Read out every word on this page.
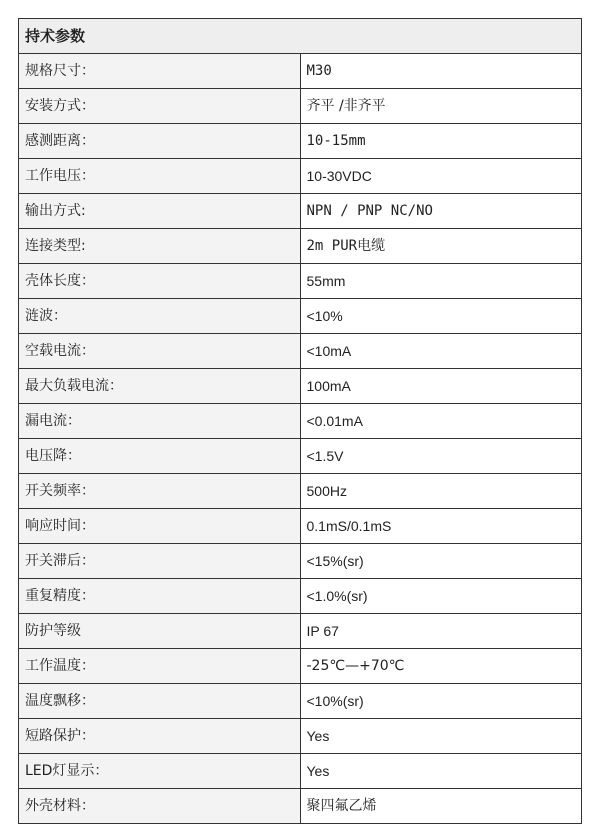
持术参数	
规格尺寸：	M30
安装方式：	齐平 /非齐平
感测距离：	10-15mm
工作电压：	10-30VDC
输出方式:	NPN / PNP NC/NO
连接类型:	2m PUR电缆
壳体长度：	55mm
涟波：	<10%
空载电流：	<10mA
最大负载电流：	100mA
漏电流：	<0.01mA
电压降：	<1.5V
开关频率：	500Hz
响应时间：	0.1mS/0.1mS
开关滞后：	<15%(sr)
重复精度：	<1.0%(sr)
防护等级	IP 67
工作温度：	-25℃—+70℃
温度飘移：	<10%(sr)
短路保护：	Yes
LED灯显示：	Yes
外壳材料：	聚四氟乙烯
